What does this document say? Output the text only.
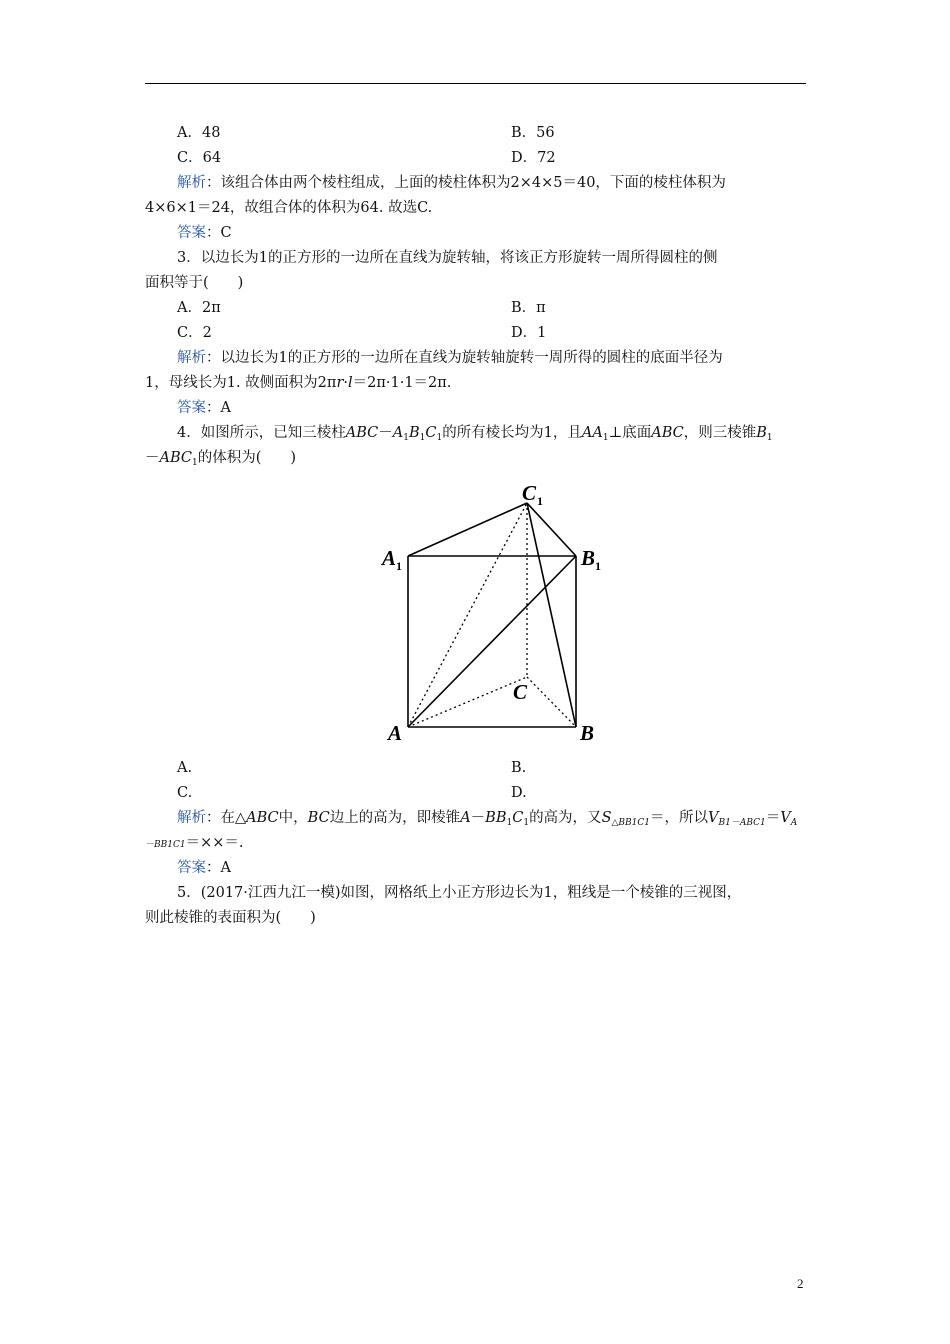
A．48	B．56
C．64	D．72
解析：该组合体由两个棱柱组成，上面的棱柱体积为2×4×5＝40，下面的棱柱体积为
4×6×1＝24，故组合体的体积为64. 故选C.
答案：C
3．以边长为1的正方形的一边所在直线为旋转轴，将该正方形旋转一周所得圆柱的侧
面积等于(　　)
A．2π	B．π
C．2	D．1
解析：以边长为1的正方形的一边所在直线为旋转轴旋转一周所得的圆柱的底面半径为
1，母线长为1. 故侧面积为2πr·l＝2π·1·1＝2π.
答案：A
4．如图所示，已知三棱柱$ABC-A_1B_1C_1$的所有棱长均为1，且$AA_1\perp$底面ABC，则三棱锥$B_1$
$-ABC_1$的体积为(　　)
C 1
A 1	B 1
C
A	B
A.	B.
C.	D.
解析：在△ABC中，BC边上的高为，即棱锥$A-BB_1C_1$的高为，又$S_{\triangle BB1C1}=$，所以$V_{B1-ABC1}=V_A$
－BB1C1＝××＝.
答案：A
5．(2017·江西九江一模)如图，网格纸上小正方形边长为1，粗线是一个棱锥的三视图，
则此棱锥的表面积为(　　)
2
